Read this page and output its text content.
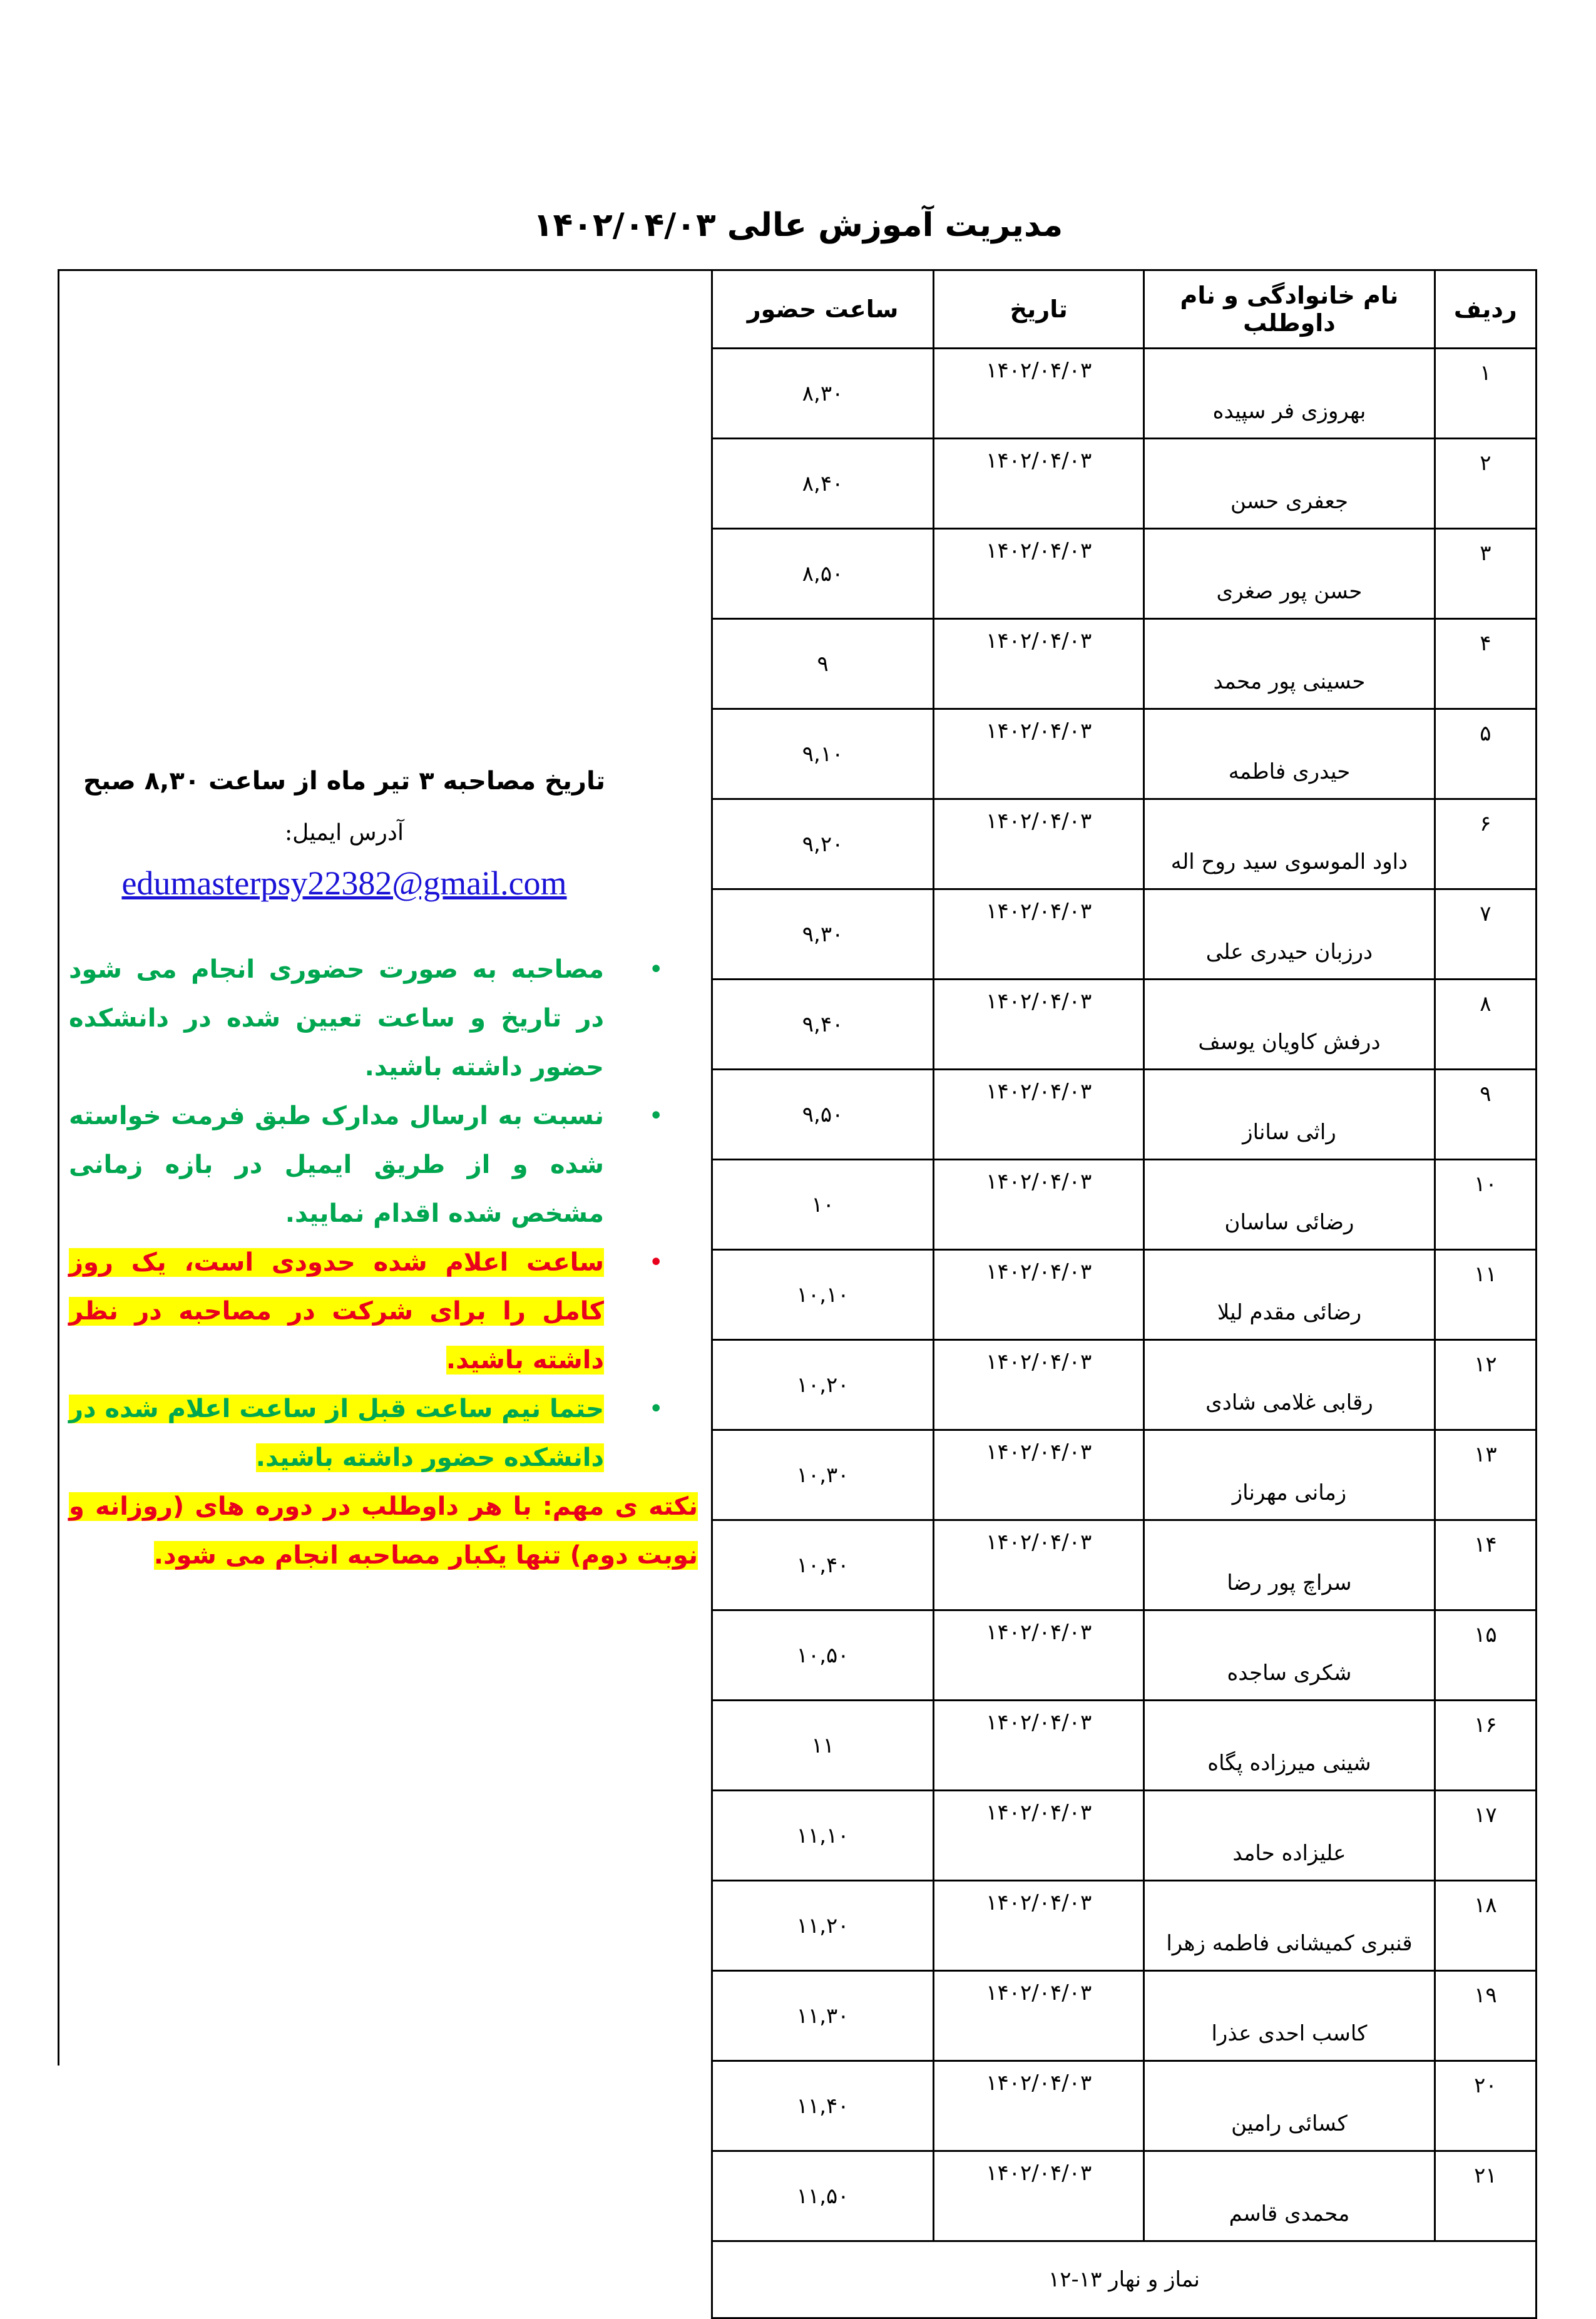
مدیریت آموزش عالی ۱۴۰۲/۰۴/۰۳
ردیف	نام خانوادگی و نام داوطلب	تاریخ	ساعت حضور
۱	بهروزی فر سپیده	۱۴۰۲/۰۴/۰۳	۸,۳۰
۲	جعفری حسن	۱۴۰۲/۰۴/۰۳	۸,۴۰
۳	حسن پور صغری	۱۴۰۲/۰۴/۰۳	۸,۵۰
۴	حسینی پور محمد	۱۴۰۲/۰۴/۰۳	۹
۵	حیدری فاطمه	۱۴۰۲/۰۴/۰۳	۹,۱۰
۶	داود الموسوی سید روح اله	۱۴۰۲/۰۴/۰۳	۹,۲۰
۷	درزبان حیدری علی	۱۴۰۲/۰۴/۰۳	۹,۳۰
۸	درفش کاویان یوسف	۱۴۰۲/۰۴/۰۳	۹,۴۰
۹	راثی ساناز	۱۴۰۲/۰۴/۰۳	۹,۵۰
۱۰	رضائی ساسان	۱۴۰۲/۰۴/۰۳	۱۰
۱۱	رضائی مقدم لیلا	۱۴۰۲/۰۴/۰۳	۱۰,۱۰
۱۲	رقابی غلامی شادی	۱۴۰۲/۰۴/۰۳	۱۰,۲۰
۱۳	زمانی مهرناز	۱۴۰۲/۰۴/۰۳	۱۰,۳۰
۱۴	سراچ پور رضا	۱۴۰۲/۰۴/۰۳	۱۰,۴۰
۱۵	شکری ساجده	۱۴۰۲/۰۴/۰۳	۱۰,۵۰
۱۶	شینی میرزاده پگاه	۱۴۰۲/۰۴/۰۳	۱۱
۱۷	علیزاده حامد	۱۴۰۲/۰۴/۰۳	۱۱,۱۰
۱۸	قنبری کمیشانی فاطمه زهرا	۱۴۰۲/۰۴/۰۳	۱۱,۲۰
۱۹	کاسب احدی عذرا	۱۴۰۲/۰۴/۰۳	۱۱,۳۰
۲۰	کسائی رامین	۱۴۰۲/۰۴/۰۳	۱۱,۴۰
۲۱	محمدی قاسم	۱۴۰۲/۰۴/۰۳	۱۱,۵۰
نماز و نهار ۱۳-۱۲			
تاریخ مصاحبه ۳ تیر ماه از ساعت ۸,۳۰ صبح
آدرس ایمیل:
edumasterpsy22382@gmail.com
•
مصاحبه به صورت حضوری انجام می شود در تاریخ و ساعت تعیین شده در دانشکده حضور داشته باشید.
•
نسبت به ارسال مدارک طبق فرمت خواسته شده و از طریق ایمیل در بازه زمانی مشخص شده اقدام نمایید.
•
ساعت اعلام شده حدودی است، یک روز کامل را برای شرکت در مصاحبه در نظر داشته باشید.
•
حتما نیم ساعت قبل از ساعت اعلام شده در دانشکده حضور داشته باشید.
نکته ی مهم: با هر داوطلب در دوره های (روزانه و نوبت دوم) تنها یکبار مصاحبه انجام می شود.
